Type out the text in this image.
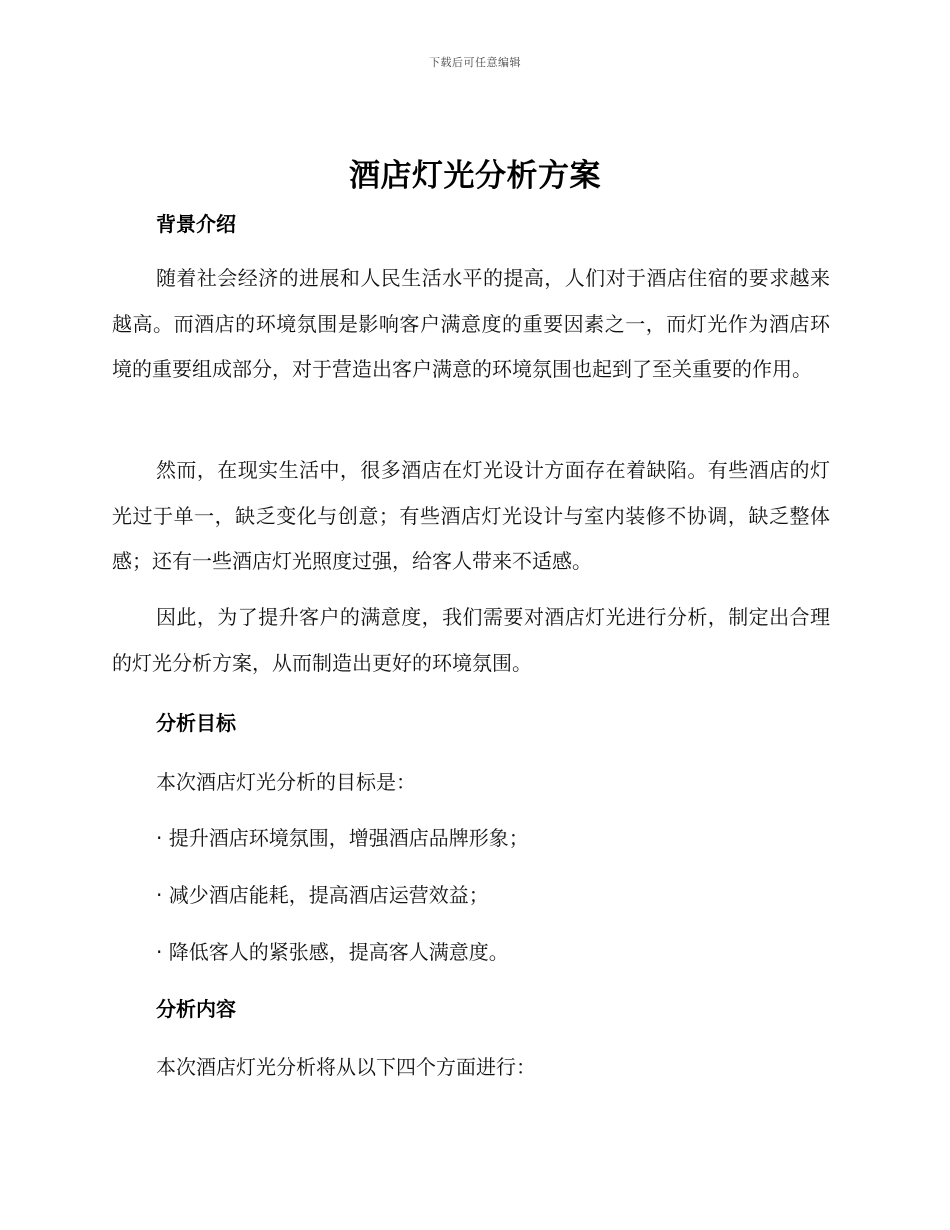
下载后可任意编辑
酒店灯光分析方案
背景介绍
随着社会经济的进展和人民生活水平的提高，人们对于酒店住宿的要求越来越高。而酒店的环境氛围是影响客户满意度的重要因素之一，而灯光作为酒店环境的重要组成部分，对于营造出客户满意的环境氛围也起到了至关重要的作用。
然而，在现实生活中，很多酒店在灯光设计方面存在着缺陷。有些酒店的灯光过于单一，缺乏变化与创意；有些酒店灯光设计与室内装修不协调，缺乏整体感；还有一些酒店灯光照度过强，给客人带来不适感。
因此，为了提升客户的满意度，我们需要对酒店灯光进行分析，制定出合理的灯光分析方案，从而制造出更好的环境氛围。
分析目标
本次酒店灯光分析的目标是：
· 提升酒店环境氛围，增强酒店品牌形象；
· 减少酒店能耗，提高酒店运营效益；
· 降低客人的紧张感，提高客人满意度。
分析内容
本次酒店灯光分析将从以下四个方面进行：
